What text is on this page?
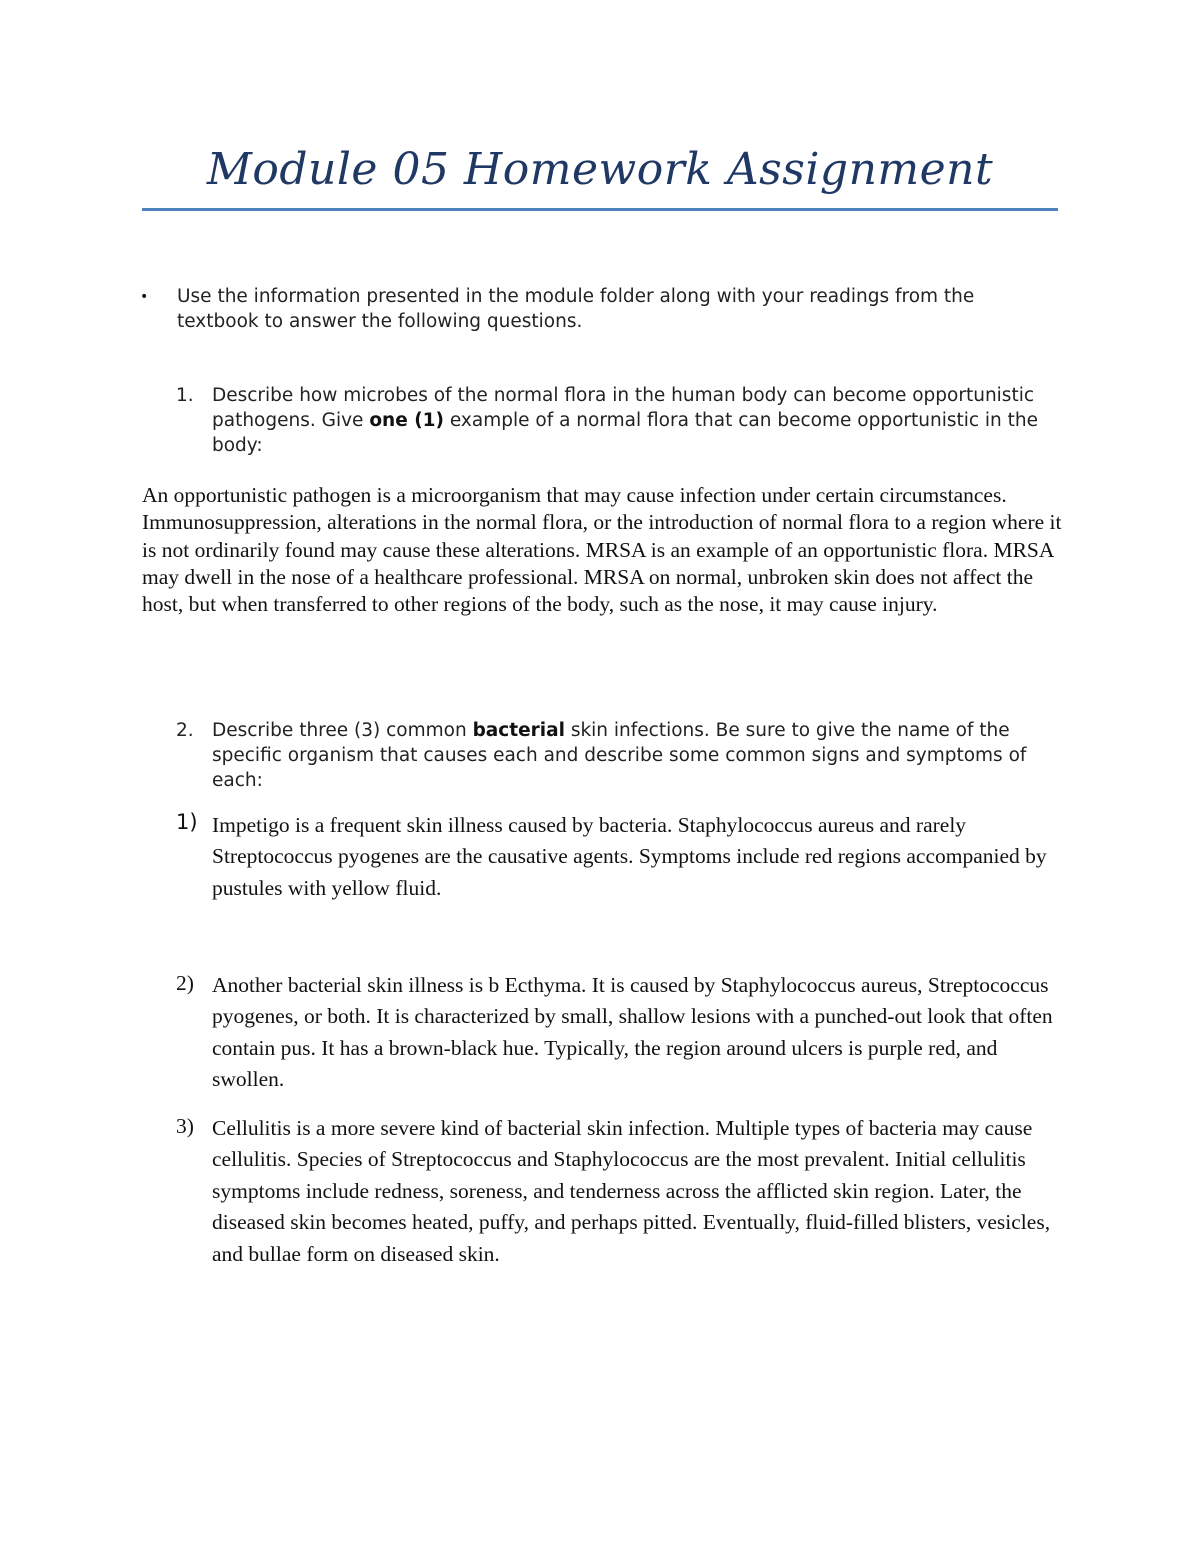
Module 05 Homework Assignment
• Use the information presented in the module folder along with your readings from the textbook to answer the following questions.
1. Describe how microbes of the normal flora in the human body can become opportunistic pathogens. Give one (1) example of a normal flora that can become opportunistic in the body:

An opportunistic pathogen is a microorganism that may cause infection under certain circumstances.

Immunosuppression, alterations in the normal flora, or the introduction of normal flora to a region where it is not ordinarily found may cause these alterations. MRSA is an example of an opportunistic flora. MRSA may dwell in the nose of a healthcare professional. MRSA on normal, unbroken skin does not affect the host, but when transferred to other regions of the body, such as the nose, it may cause injury.

2. Describe three (3) common bacterial skin infections. Be sure to give the name of the specific organism that causes each and describe some common signs and symptoms of each:
1) Impetigo is a frequent skin illness caused by bacteria. Staphylococcus aureus and rarely Streptococcus pyogenes are the causative agents. Symptoms include red regions accompanied by pustules with yellow fluid.
2) Another bacterial skin illness is b Ecthyma. It is caused by Staphylococcus aureus, Streptococcus pyogenes, or both. It is characterized by small, shallow lesions with a punched-out look that often contain pus. It has a brown-black hue. Typically, the region around ulcers is purple red, and swollen.
3) Cellulitis is a more severe kind of bacterial skin infection. Multiple types of bacteria may cause cellulitis. Species of Streptococcus and Staphylococcus are the most prevalent. Initial cellulitis symptoms include redness, soreness, and tenderness across the afflicted skin region. Later, the diseased skin becomes heated, puffy, and perhaps pitted. Eventually, fluid-filled blisters, vesicles, and bullae form on diseased skin.
